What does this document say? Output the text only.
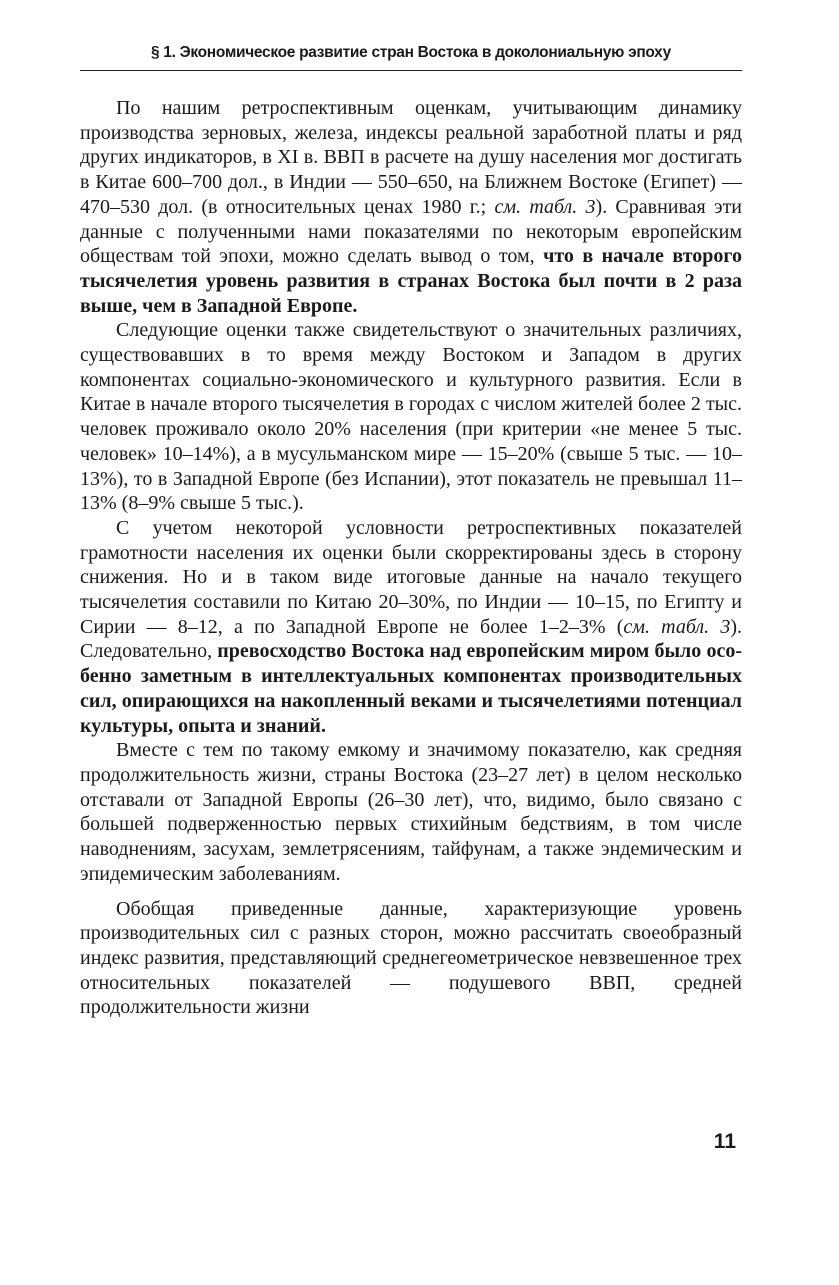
§ 1. Экономическое развитие стран Востока в доколониальную эпоху

По нашим ретроспективным оценкам, учитывающим динамику производства зерновых, железа, индексы реальной заработной платы и ряд других индикаторов, в XI в. ВВП в расчете на душу населения мог достигать в Китае 600–700 дол., в Индии — 550–650, на Ближнем Востоке (Египет) — 470–530 дол. (в относительных ценах 1980 г.; см. табл. 3). Сравнивая эти данные с полученными нами показателями по некоторым европейским обществам той эпохи, можно сделать вывод о том, что в начале второго тысячелетия уровень развития в странах Востока был почти в 2 раза выше, чем в Западной Европе.

Следующие оценки также свидетельствуют о значительных различиях, существовавших в то время между Востоком и Западом в других компонентах социально-экономического и культурного развития. Если в Китае в начале второго тысячелетия в городах с числом жителей более 2 тыс. человек проживало около 20% населения (при критерии «не менее 5 тыс. человек» 10–14%), а в мусульманском мире — 15–20% (свыше 5 тыс. — 10–13%), то в Западной Европе (без Испании), этот показатель не превышал 11–13% (8–9% свыше 5 тыс.).

С учетом некоторой условности ретроспективных показателей грамотности населения их оценки были скорректированы здесь в сторону снижения. Но и в таком виде итоговые данные на начало текущего тысячелетия составили по Китаю 20–30%, по Индии — 10–15, по Египту и Сирии — 8–12, а по Западной Европе не более 1–2–3% (см. табл. 3). Следовательно, превосходство Востока над европейским миром было особенно заметным в интеллектуальных компонентах производительных сил, опирающихся на накопленный веками и тысячелетиями потенциал культуры, опыта и знаний.

Вместе с тем по такому емкому и значимому показателю, как средняя продолжительность жизни, страны Востока (23–27 лет) в целом несколько отставали от Западной Европы (26–30 лет), что, видимо, было связано с большей подверженностью первых стихийным бедствиям, в том числе наводнениям, засухам, землетрясениям, тайфунам, а также эндемическим и эпидемическим заболеваниям.

Обобщая приведенные данные, характеризующие уровень производительных сил с разных сторон, можно рассчитать своеобразный индекс развития, представляющий среднегеометрическое невзвешенное трех относительных показателей — подушевого ВВП, средней продолжительности жизни

11
